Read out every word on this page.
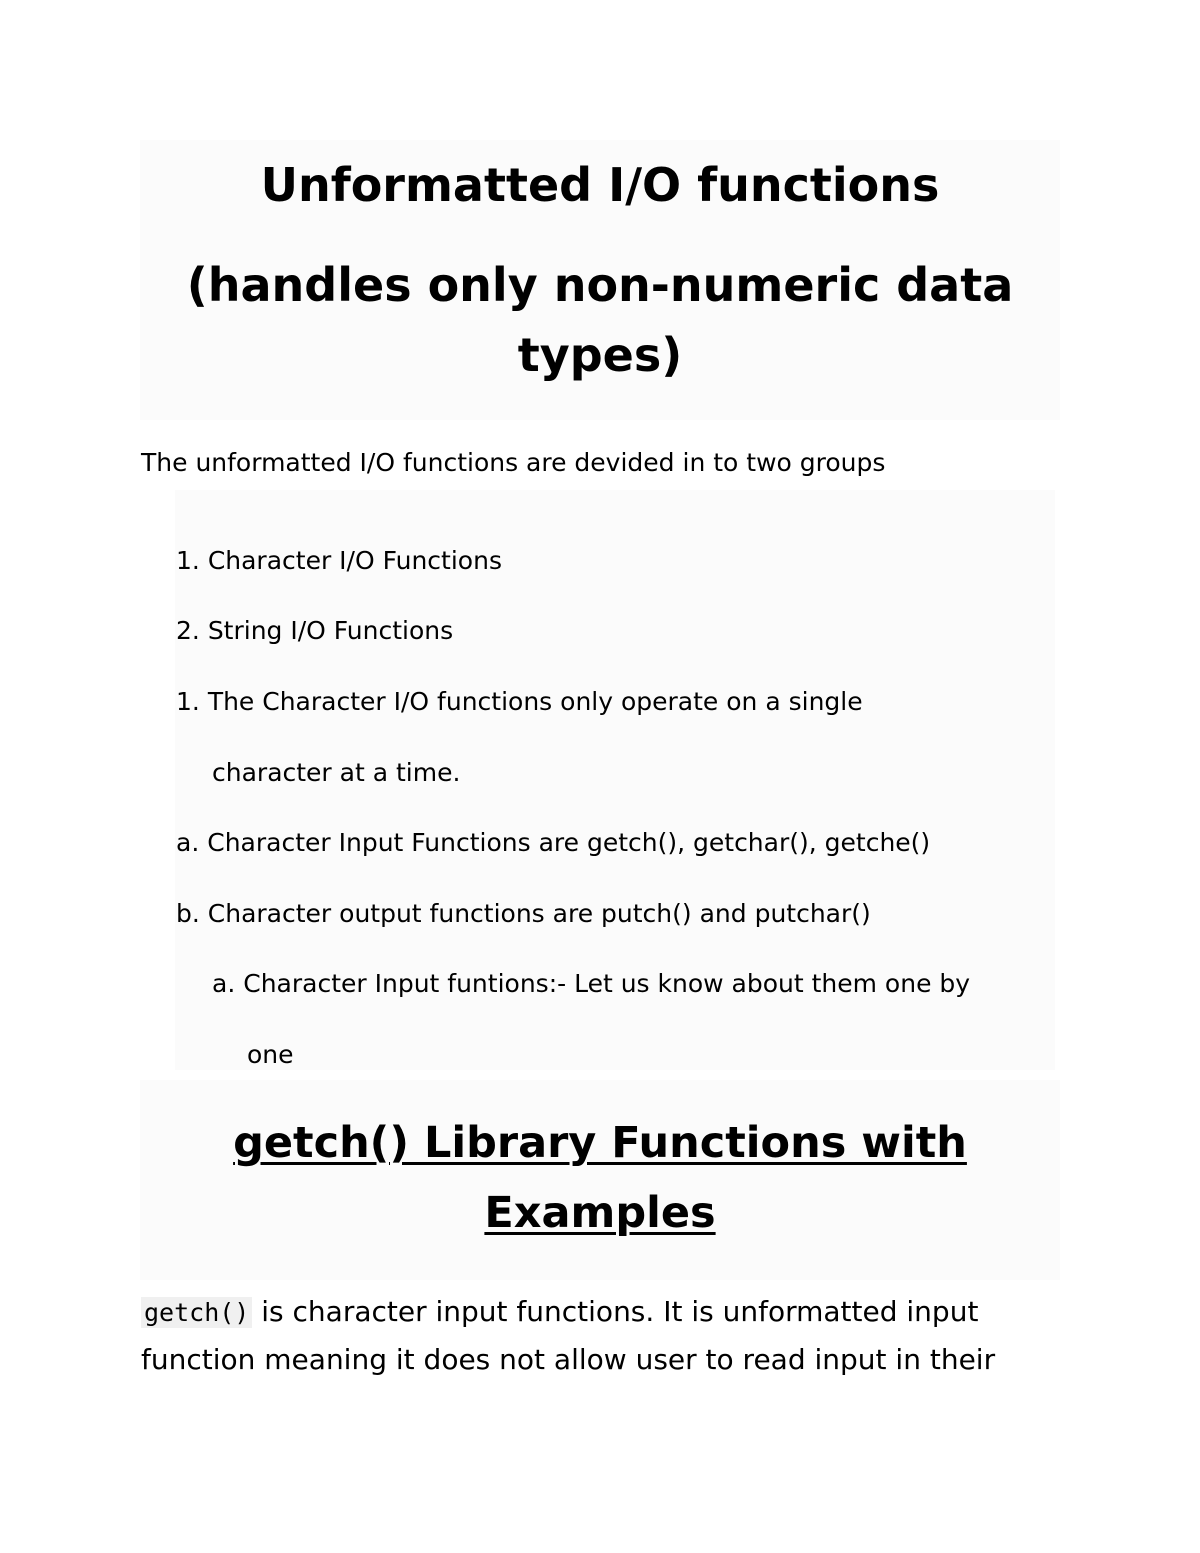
Unformatted I/O functions
(handles only non-numeric data types)

The unformatted I/O functions are devided in to two groups

1. Character I/O Functions
2. String I/O Functions
1. The Character I/O functions only operate on a single
character at a time.
a. Character Input Functions are getch(), getchar(), getche()
b. Character output functions are putch() and putchar()
a. Character Input funtions:- Let us know about them one by
one
getch() Library Functions with Examples

getch() is character input functions. It is unformatted input function meaning it does not allow user to read input in their
